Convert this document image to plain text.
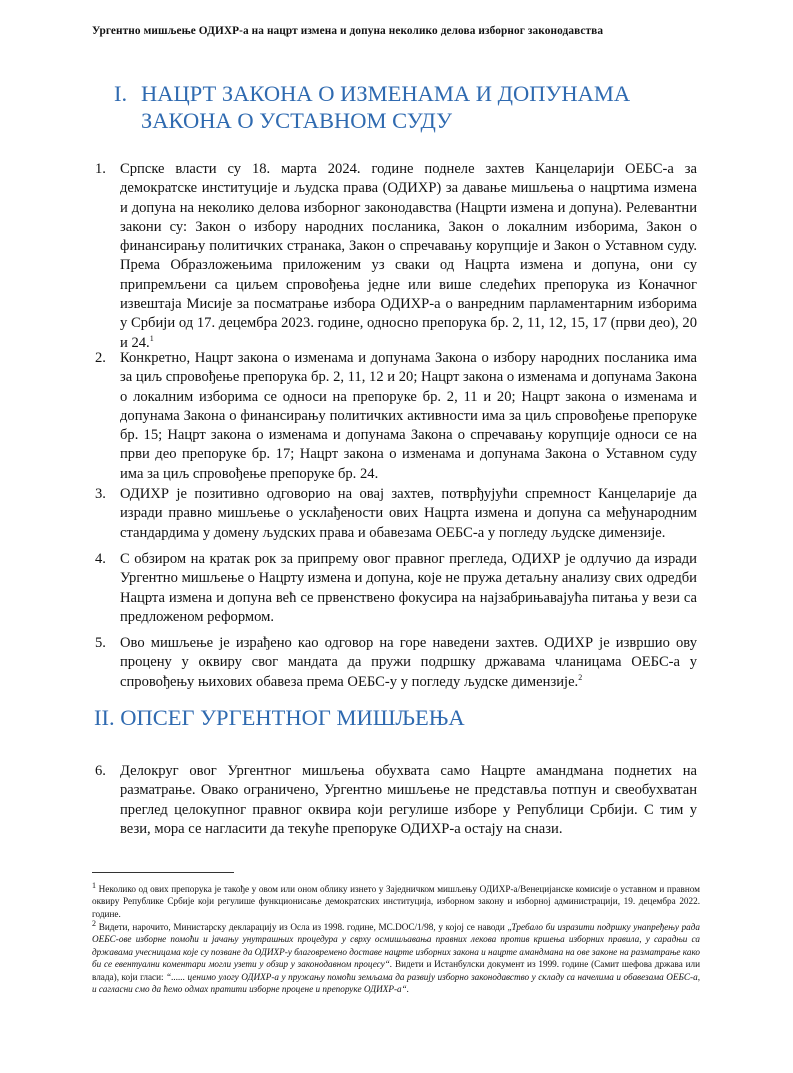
Ургентно мишљење ОДИХР-а на нацрт измена и допуна неколико делова изборног законодавства
I. НАЦРТ ЗАКОНА О ИЗМЕНАМА И ДОПУНАМА
ЗАКОНА О УСТАВНОМ СУДУ
1. Српске власти су 18. марта 2024. године поднеле захтев Канцеларији ОЕБС-а за демократске институције и људска права (ОДИХР) за давање мишљења о нацртима измена и допуна на неколико делова изборног законодавства (Нацрти измена и допуна). Релевантни закони су: Закон о избору народних посланика, Закон о локалним изборима, Закон о финансирању политичких странака, Закон о спречавању корупције и Закон о Уставном суду. Према Образложењима приложеним уз сваки од Нацрта измена и допуна, они су припремљени са циљем спровођења једне или више следећих препорука из Коначног извештаја Мисије за посматрање избора ОДИХР-а о ванредним парламентарним изборима у Србији од 17. децембра 2023. године, односно препорука бр. 2, 11, 12, 15, 17 (први део), 20 и 24.$^1$
2. Конкретно, Нацрт закона о изменама и допунама Закона о избору народних посланика има за циљ спровођење препорука бр. 2, 11, 12 и 20; Нацрт закона о изменама и допунама Закона о локалним изборима се односи на препоруке бр. 2, 11 и 20; Нацрт закона о изменама и допунама Закона о финансирању политичких активности има за циљ спровођење препоруке бр. 15; Нацрт закона о изменама и допунама Закона о спречавању корупције односи се на први део препоруке бр. 17; Нацрт закона о изменама и допунама Закона о Уставном суду има за циљ спровођење препоруке бр. 24.
3. ОДИХР је позитивно одговорио на овај захтев, потврђујући спремност Канцеларије да изради правно мишљење о усклађености ових Нацрта измена и допуна са међународним стандардима у домену људских права и обавезама ОЕБС-а у погледу људске димензије.
4. С обзиром на кратак рок за припрему овог правног прегледа, ОДИХР је одлучио да изради Ургентно мишљење о Нацрту измена и допуна, које не пружа детаљну анализу свих одредби Нацрта измена и допуна већ се првенствено фокусира на најзабрињавајућа питања у вези са предложеном реформом.
5. Ово мишљење је израђено као одговор на горе наведени захтев. ОДИХР је извршио ову процену у оквиру свог мандата да пружи подршку државама чланицама ОЕБС-а у спровођењу њихових обавеза према ОЕБС-у у погледу људске димензије.$^2$
II. ОПСЕГ УРГЕНТНОГ МИШЉЕЊА
6. Делокруг овог Ургентног мишљења обухвата само Нацрте амандмана поднетих на разматрање. Овако ограничено, Ургентно мишљење не представља потпун и свеобухватан преглед целокупног правног оквира који регулише изборе у Републици Србији. С тим у вези, мора се нагласити да текуће препоруке ОДИХР-а остају на снази.
$^1$ Неколико од ових препорука је такође у овом или оном облику изнето у Заједничком мишљењу ОДИХР-а/Венецијанске комисије о уставном и правном оквиру Републике Србије који регулише функционисање демократских институција, изборном закону и изборној администрацији, 19. децембра 2022. године.
$^2$ Видети, нарочито, Министарску декларацију из Осла из 1998. године, MC.DOC/1/98, у којој се наводи „Требало би изразити подршку унапређењу рада ОЕБС-ове изборне помоћи и јачању унутрашњих процедура у сврху осмишљавања правних лекова против кршења изборних правила, у сарадњи са државама учесницама које су позване да ОДИХР-у благовремено доставе нацрте изборних закона и нацрте амандмана на ове законе на разматрање како би се евентуални коментари могли узети у обзир у законодавном процесу“. Видети и Истанбулски документ из 1999. године (Самит шефова држава или влада), који гласи: “...... ценимо улогу ОДИХР-а у пружању помоћи земљама да развију изборно законодавство у складу са начелима и обавезама ОЕБС-а, и сагласни смо да ћемо одмах пратити изборне процене и препоруке ОДИХР-а“.
